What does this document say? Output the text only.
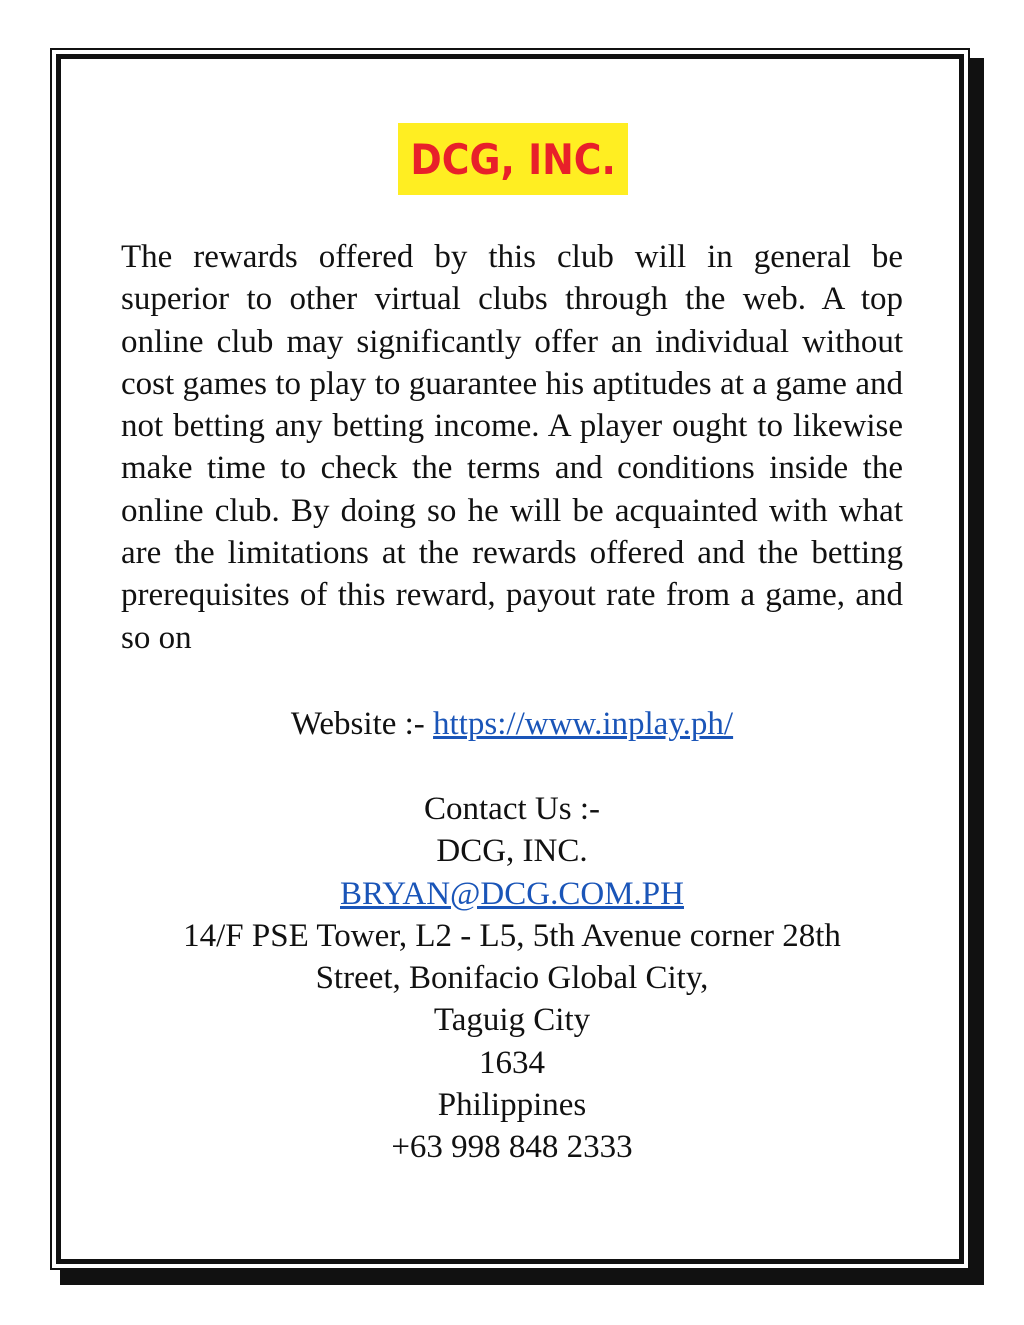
DCG, INC.

The rewards offered by this club will in general be superior to other virtual clubs through the web. A top online club may significantly offer an individual without cost games to play to guarantee his aptitudes at a game and not betting any betting income. A player ought to likewise make time to check the terms and conditions inside the online club. By doing so he will be acquainted with what are the limitations at the rewards offered and the betting prerequisites of this reward, payout rate from a game, and so on

Website :- https://www.inplay.ph/
Contact Us :-
DCG, INC.
BRYAN@DCG.COM.PH
14/F PSE Tower, L2 - L5, 5th Avenue corner 28th
Street, Bonifacio Global City,
Taguig City
1634
Philippines
+63 998 848 2333
